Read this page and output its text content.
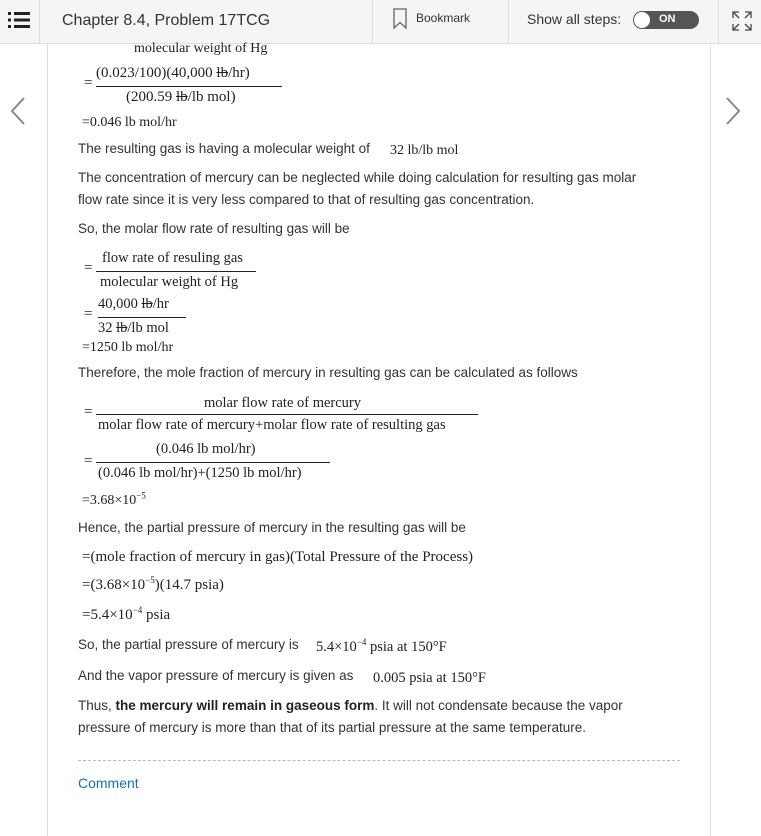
Chapter 8.4, Problem 17TCG	Bookmark	Show all steps:	ON
molecular weight of Hg
=
(0.023/100)(40,000 lb/hr)
(200.59 lb/lb mol)
=0.046 lb mol/hr
The resulting gas is having a molecular weight of 32 lb/lb mol
The concentration of mercury can be neglected while doing calculation for resulting gas molar
flow rate since it is very less compared to that of resulting gas concentration.
So, the molar flow rate of resulting gas will be
=
flow rate of resuling gas
molecular weight of Hg
=
40,000 lb/hr
32 lb/lb mol
=1250 lb mol/hr
Therefore, the mole fraction of mercury in resulting gas can be calculated as follows
=
molar flow rate of mercury
molar flow rate of mercury+molar flow rate of resulting gas
=
(0.046 lb mol/hr)
(0.046 lb mol/hr)+(1250 lb mol/hr)
$=3.68\times 10^{-5}$
Hence, the partial pressure of mercury in the resulting gas will be
=(mole fraction of mercury in gas)(Total Pressure of the Process)
$=(3.68\times 10^{-5})(14.7$ psia)
$=5.4\times 10^{-4}$ psia
So, the partial pressure of mercury is $5.4\times 10^{-4}$ psia at 150°F
And the vapor pressure of mercury is given as 0.005 psia at 150°F
Thus, the mercury will remain in gaseous form. It will not condensate because the vapor
pressure of mercury is more than that of its partial pressure at the same temperature.
Comment
